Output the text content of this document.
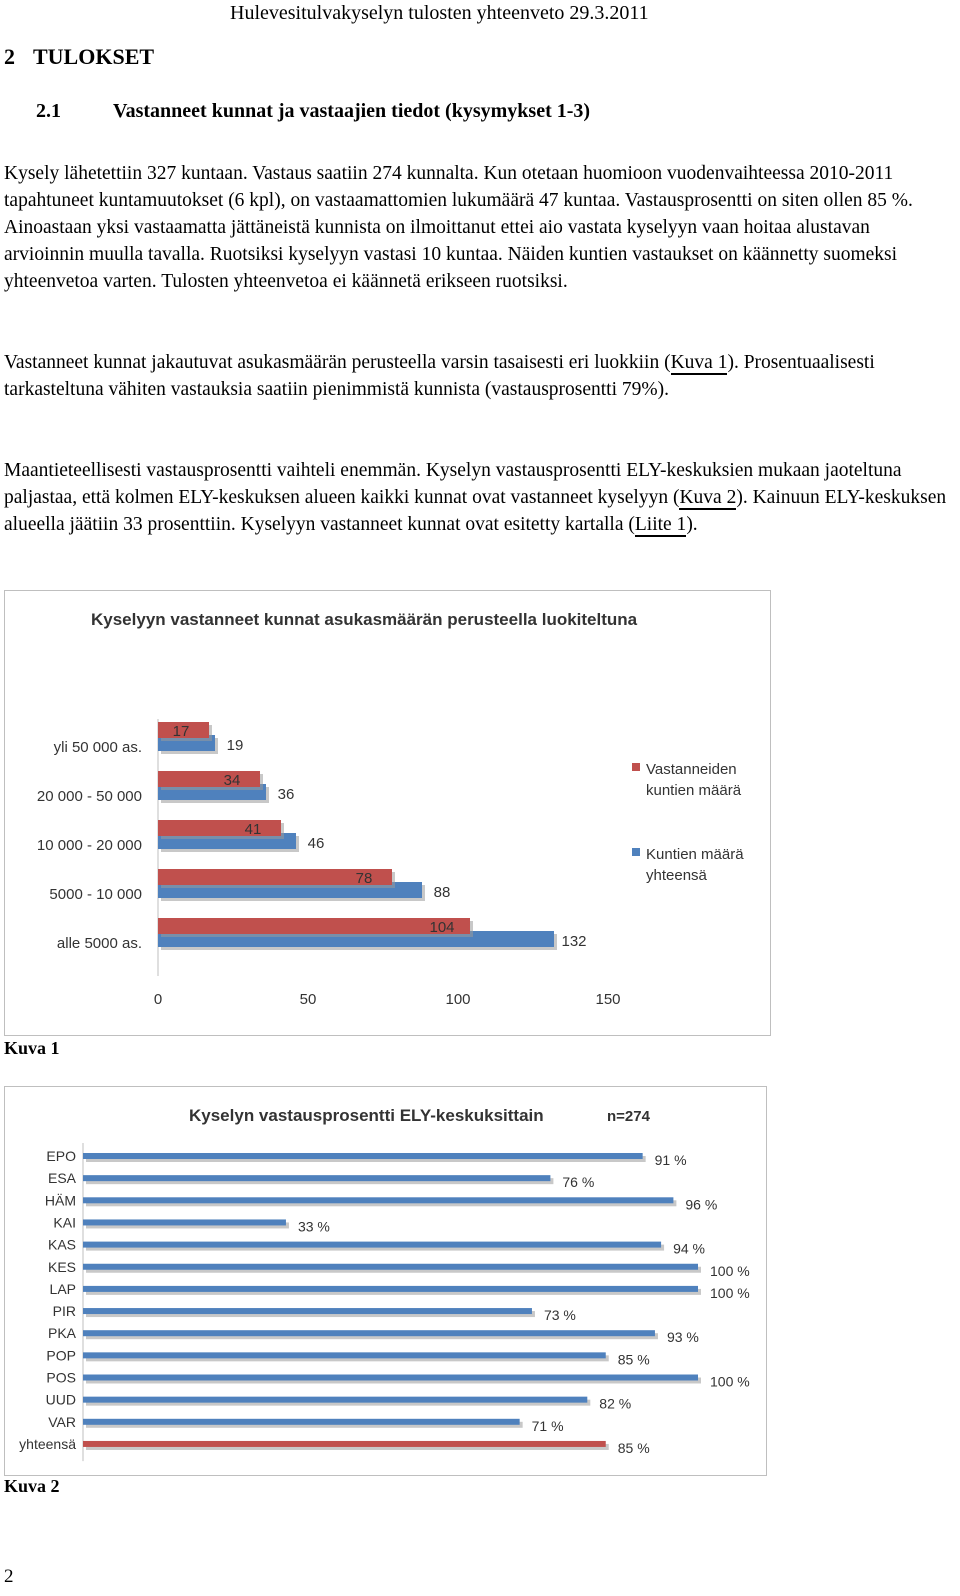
Hulevesitulvakyselyn tulosten yhteenveto 29.3.2011
2 TULOKSET
2.1	Vastanneet kunnat ja vastaajien tiedot (kysymykset 1-3)
Kysely lähetettiin 327 kuntaan. Vastaus saatiin 274 kunnalta. Kun otetaan huomioon vuodenvaihteessa 2010-2011 tapahtuneet kuntamuutokset (6 kpl), on vastaamattomien lukumäärä 47 kuntaa. Vastausprosentti on siten ollen 85 %. Ainoastaan yksi vastaamatta jättäneistä kunnista on ilmoittanut ettei aio vastata kyselyyn vaan hoitaa alustavan arvioinnin muulla tavalla. Ruotsiksi kyselyyn vastasi 10 kuntaa. Näiden kuntien vastaukset on käännetty suomeksi yhteenvetoa varten. Tulosten yhteenvetoa ei käännetä erikseen ruotsiksi.
Vastanneet kunnat jakautuvat asukasmäärän perusteella varsin tasaisesti eri luokkiin (Kuva 1). Prosentuaalisesti tarkasteltuna vähiten vastauksia saatiin pienimmistä kunnista (vastausprosentti 79%).
Maantieteellisesti vastausprosentti vaihteli enemmän. Kyselyn vastausprosentti ELY-keskuksien mukaan jaoteltuna paljastaa, että kolmen ELY-keskuksen alueen kaikki kunnat ovat vastanneet kyselyyn (Kuva 2). Kainuun ELY-keskuksen alueella jäätiin 33 prosenttiin. Kyselyyn vastanneet kunnat ovat esitetty kartalla (Liite 1).
Kyselyyn vastanneet kunnat asukasmäärän perusteella luokiteltuna
0	50	100	150
yli 50 000 as.
17
19
20 000 - 50 000
34
36
10 000 - 20 000
41
46
5000 - 10 000
78
88
alle 5000 as.
104
132
Vastanneiden
kuntien määrä
Kuntien määrä
yhteensä
Kuva 1
Kyselyn vastausprosentti ELY-keskuksittain	n=274
EPO	91 %
ESA	76 %
HÄM	96 %
KAI	33 %
KAS	94 %
KES	100 %
LAP	100 %
PIR	73 %
PKA	93 %
POP	85 %
POS	100 %
UUD	82 %
VAR	71 %
yhteensä	85 %
Kuva 2
2
